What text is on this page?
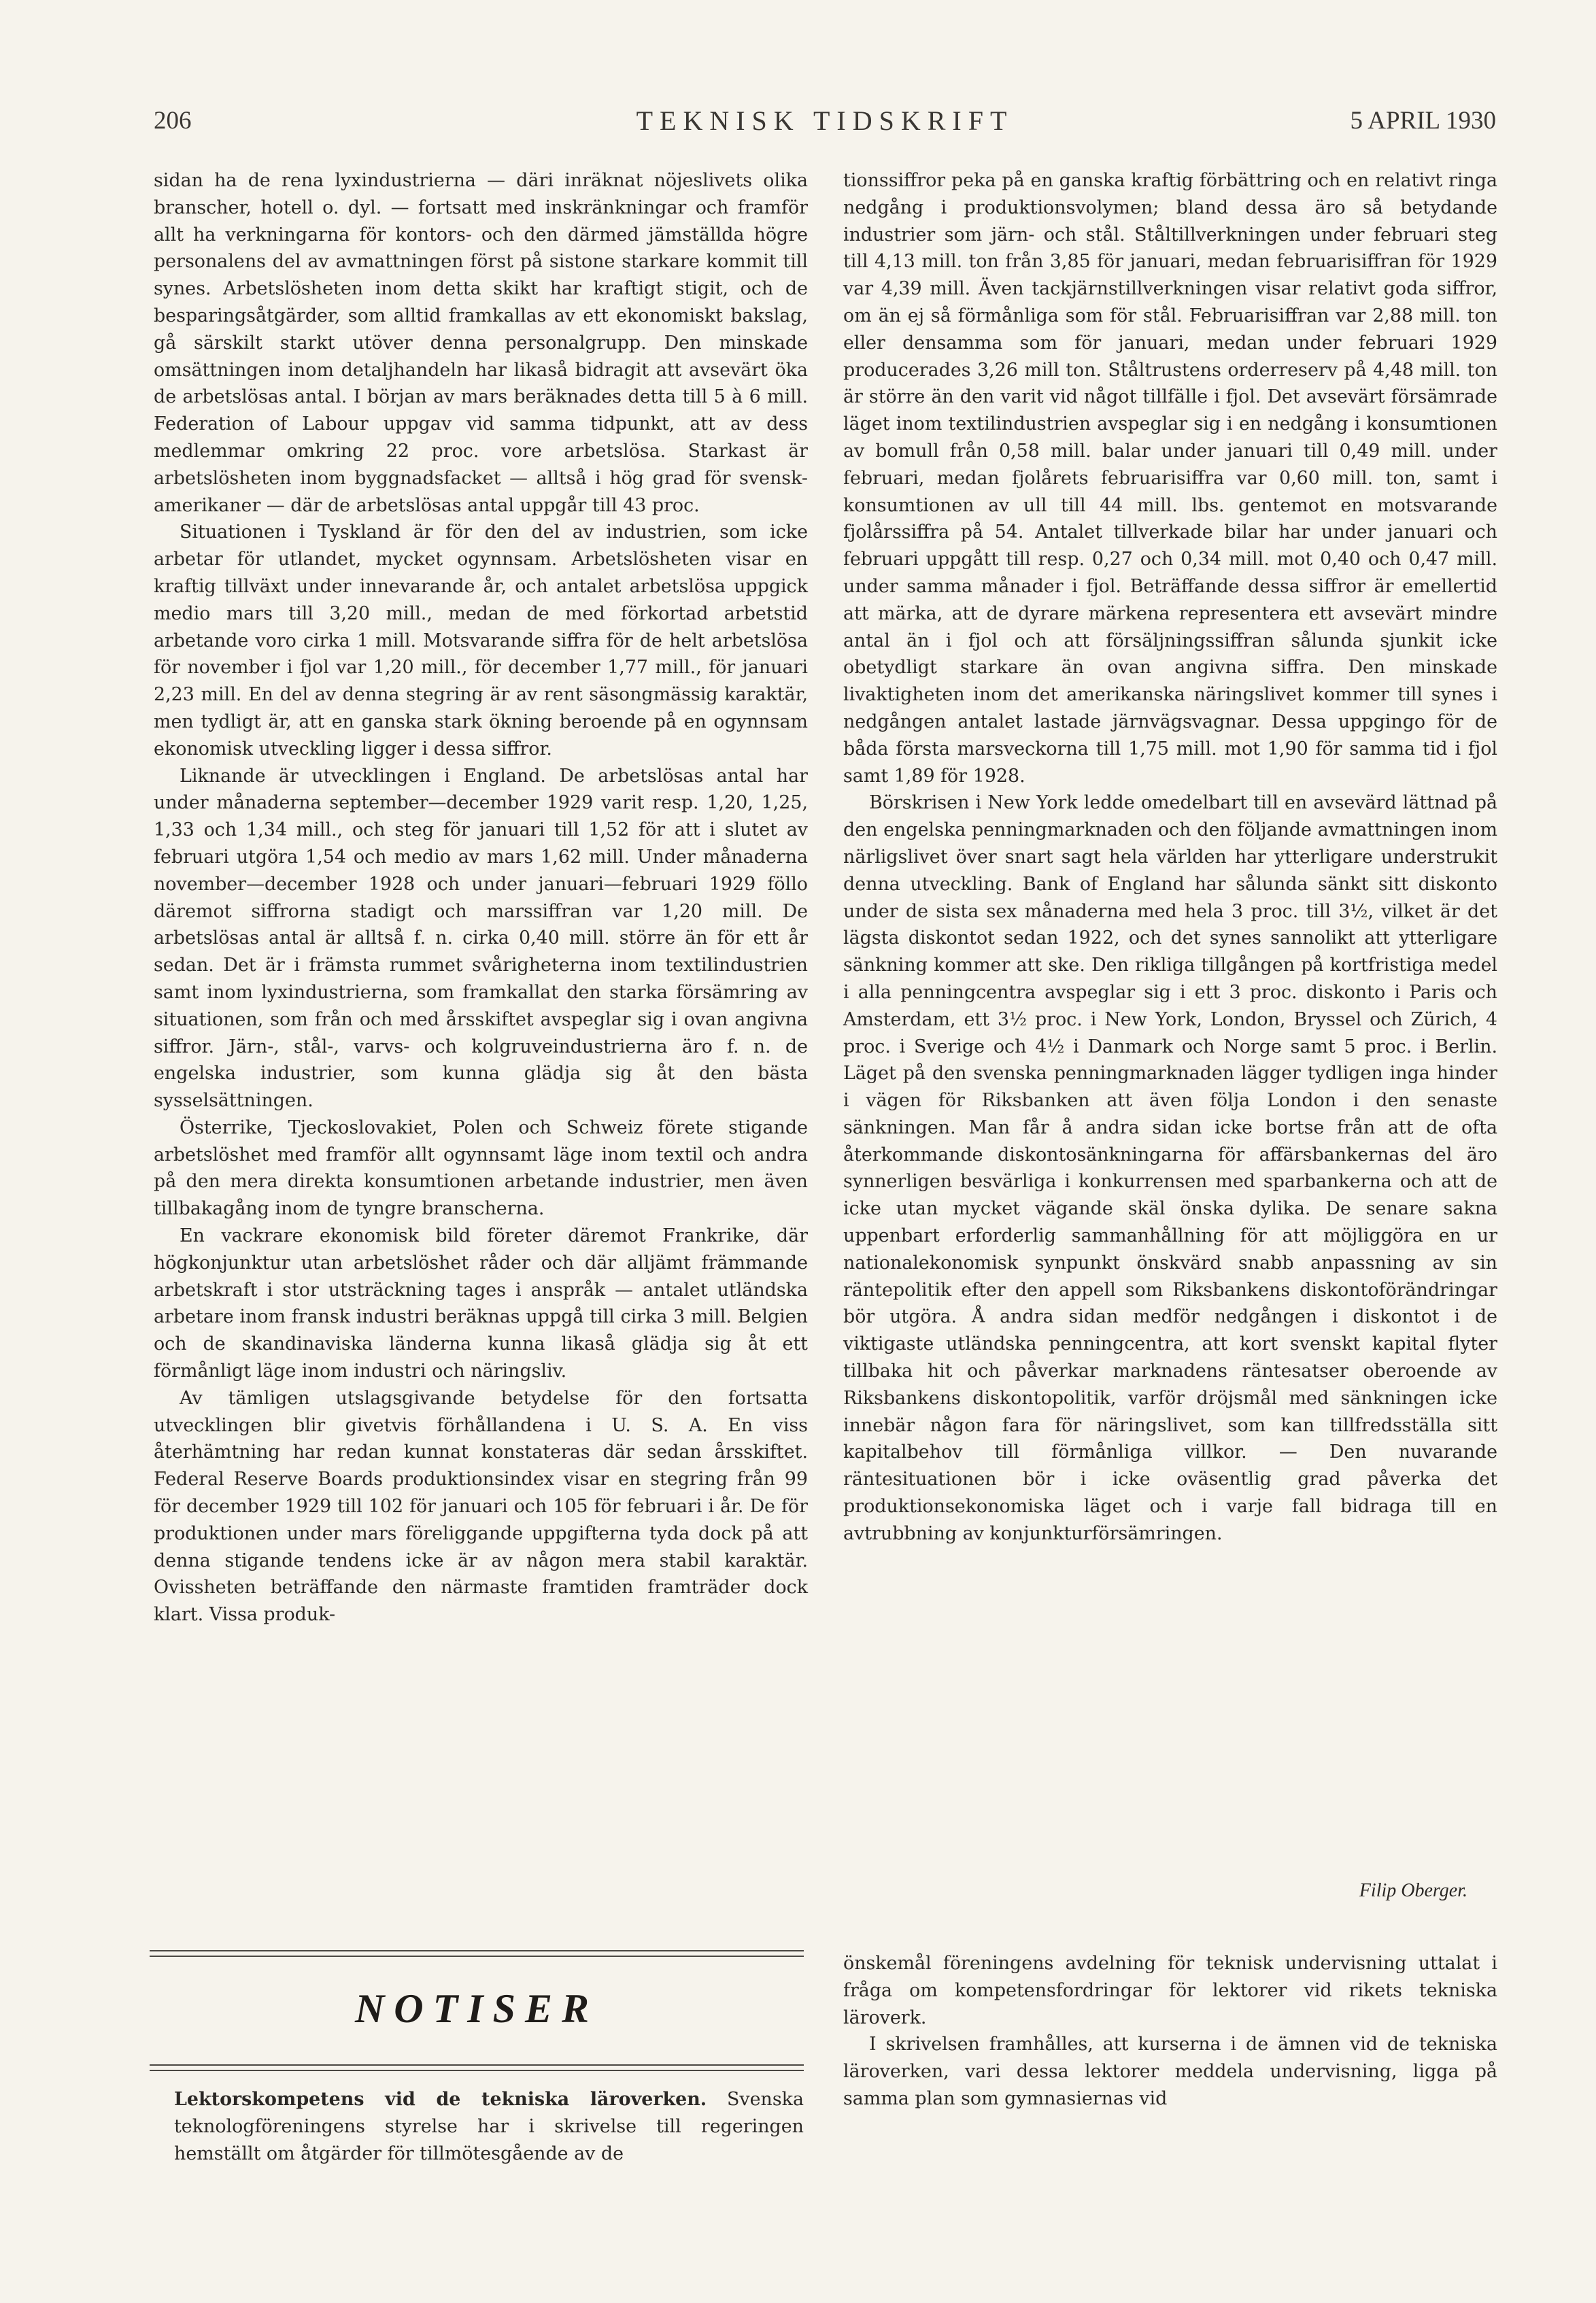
206	TEKNISK TIDSKRIFT	5 APRIL 1930

sidan ha de rena lyxindustrierna — däri inräknat nöjeslivets olika branscher, hotell o. dyl. — fortsatt med inskränkningar och framför allt ha verkningarna för kontors- och den därmed jämställda högre personalens del av avmattningen först på sistone starkare kommit till synes. Arbetslösheten inom detta skikt har kraftigt stigit, och de besparingsåtgärder, som alltid framkallas av ett ekonomiskt bakslag, gå särskilt starkt utöver denna personalgrupp. Den minskade omsättningen inom detaljhandeln har likaså bidragit att avsevärt öka de arbetslösas antal. I början av mars beräknades detta till 5 à 6 mill. Federation of Labour uppgav vid samma tidpunkt, att av dess medlemmar omkring 22 proc. vore arbetslösa. Starkast är arbetslösheten inom byggnadsfacket — alltså i hög grad för svensk-amerikaner — där de arbetslösas antal uppgår till 43 proc.

Situationen i Tyskland är för den del av industrien, som icke arbetar för utlandet, mycket ogynnsam. Arbetslösheten visar en kraftig tillväxt under innevarande år, och antalet arbetslösa uppgick medio mars till 3,20 mill., medan de med förkortad arbetstid arbetande voro cirka 1 mill. Motsvarande siffra för de helt arbetslösa för november i fjol var 1,20 mill., för december 1,77 mill., för januari 2,23 mill. En del av denna stegring är av rent säsongmässig karaktär, men tydligt är, att en ganska stark ökning beroende på en ogynnsam ekonomisk utveckling ligger i dessa siffror.

Liknande är utvecklingen i England. De arbetslösas antal har under månaderna september—december 1929 varit resp. 1,20, 1,25, 1,33 och 1,34 mill., och steg för januari till 1,52 för att i slutet av februari utgöra 1,54 och medio av mars 1,62 mill. Under månaderna november—december 1928 och under januari—februari 1929 föllo däremot siffrorna stadigt och marssiffran var 1,20 mill. De arbetslösas antal är alltså f. n. cirka 0,40 mill. större än för ett år sedan. Det är i främsta rummet svårigheterna inom textilindustrien samt inom lyxindustrierna, som framkallat den starka försämring av situationen, som från och med årsskiftet avspeglar sig i ovan angivna siffror. Järn-, stål-, varvs- och kolgruveindustrierna äro f. n. de engelska industrier, som kunna glädja sig åt den bästa sysselsättningen.

Österrike, Tjeckoslovakiet, Polen och Schweiz förete stigande arbetslöshet med framför allt ogynnsamt läge inom textil och andra på den mera direkta konsumtionen arbetande industrier, men även tillbakagång inom de tyngre branscherna.

En vackrare ekonomisk bild företer däremot Frankrike, där högkonjunktur utan arbetslöshet råder och där alljämt främmande arbetskraft i stor utsträckning tages i anspråk — antalet utländska arbetare inom fransk industri beräknas uppgå till cirka 3 mill. Belgien och de skandinaviska länderna kunna likaså glädja sig åt ett förmånligt läge inom industri och näringsliv.

Av tämligen utslagsgivande betydelse för den fortsatta utvecklingen blir givetvis förhållandena i U. S. A. En viss återhämtning har redan kunnat konstateras där sedan årsskiftet. Federal Reserve Boards produktionsindex visar en stegring från 99 för december 1929 till 102 för januari och 105 för februari i år. De för produktionen under mars föreliggande uppgifterna tyda dock på att denna stigande tendens icke är av någon mera stabil karaktär. Ovissheten beträffande den närmaste framtiden framträder dock klart. Vissa produk-

tionssiffror peka på en ganska kraftig förbättring och en relativt ringa nedgång i produktionsvolymen; bland dessa äro så betydande industrier som järn- och stål. Ståltillverkningen under februari steg till 4,13 mill. ton från 3,85 för januari, medan februarisiffran för 1929 var 4,39 mill. Även tackjärnstillverkningen visar relativt goda siffror, om än ej så förmånliga som för stål. Februarisiffran var 2,88 mill. ton eller densamma som för januari, medan under februari 1929 producerades 3,26 mill ton. Ståltrustens orderreserv på 4,48 mill. ton är större än den varit vid något tillfälle i fjol. Det avsevärt försämrade läget inom textilindustrien avspeglar sig i en nedgång i konsumtionen av bomull från 0,58 mill. balar under januari till 0,49 mill. under februari, medan fjolårets februarisiffra var 0,60 mill. ton, samt i konsumtionen av ull till 44 mill. lbs. gentemot en motsvarande fjolårssiffra på 54. Antalet tillverkade bilar har under januari och februari uppgått till resp. 0,27 och 0,34 mill. mot 0,40 och 0,47 mill. under samma månader i fjol. Beträffande dessa siffror är emellertid att märka, att de dyrare märkena representera ett avsevärt mindre antal än i fjol och att försäljningssiffran sålunda sjunkit icke obetydligt starkare än ovan angivna siffra. Den minskade livaktigheten inom det amerikanska näringslivet kommer till synes i nedgången antalet lastade järnvägsvagnar. Dessa uppgingo för de båda första marsveckorna till 1,75 mill. mot 1,90 för samma tid i fjol samt 1,89 för 1928.

Börskrisen i New York ledde omedelbart till en avsevärd lättnad på den engelska penningmarknaden och den följande avmattningen inom närligslivet över snart sagt hela världen har ytterligare understrukit denna utveckling. Bank of England har sålunda sänkt sitt diskonto under de sista sex månaderna med hela 3 proc. till 3½, vilket är det lägsta diskontot sedan 1922, och det synes sannolikt att ytterligare sänkning kommer att ske. Den rikliga tillgången på kortfristiga medel i alla penningcentra avspeglar sig i ett 3 proc. diskonto i Paris och Amsterdam, ett 3½ proc. i New York, London, Bryssel och Zürich, 4 proc. i Sverige och 4½ i Danmark och Norge samt 5 proc. i Berlin. Läget på den svenska penningmarknaden lägger tydligen inga hinder i vägen för Riksbanken att även följa London i den senaste sänkningen. Man får å andra sidan icke bortse från att de ofta återkommande diskontosänkningarna för affärsbankernas del äro synnerligen besvärliga i konkurrensen med sparbankerna och att de icke utan mycket vägande skäl önska dylika. De senare sakna uppenbart erforderlig sammanhållning för att möjliggöra en ur nationalekonomisk synpunkt önskvärd snabb anpassning av sin räntepolitik efter den appell som Riksbankens diskontoförändringar bör utgöra. Å andra sidan medför nedgången i diskontot i de viktigaste utländska penningcentra, att kort svenskt kapital flyter tillbaka hit och påverkar marknadens räntesatser oberoende av Riksbankens diskontopolitik, varför dröjsmål med sänkningen icke innebär någon fara för näringslivet, som kan tillfredsställa sitt kapitalbehov till förmånliga villkor. — Den nuvarande räntesituationen bör i icke oväsentlig grad påverka det produktionsekonomiska läget och i varje fall bidraga till en avtrubbning av konjunkturförsämringen.

Filip Oberger.
NOTISER
Lektorskompetens vid de tekniska läroverken. Svenska teknologföreningens styrelse har i skrivelse till regeringen hemställt om åtgärder för tillmötesgående av de

önskemål föreningens avdelning för teknisk undervisning uttalat i fråga om kompetensfordringar för lektorer vid rikets tekniska läroverk.

I skrivelsen framhålles, att kurserna i de ämnen vid de tekniska läroverken, vari dessa lektorer meddela undervisning, ligga på samma plan som gymnasiernas vid
